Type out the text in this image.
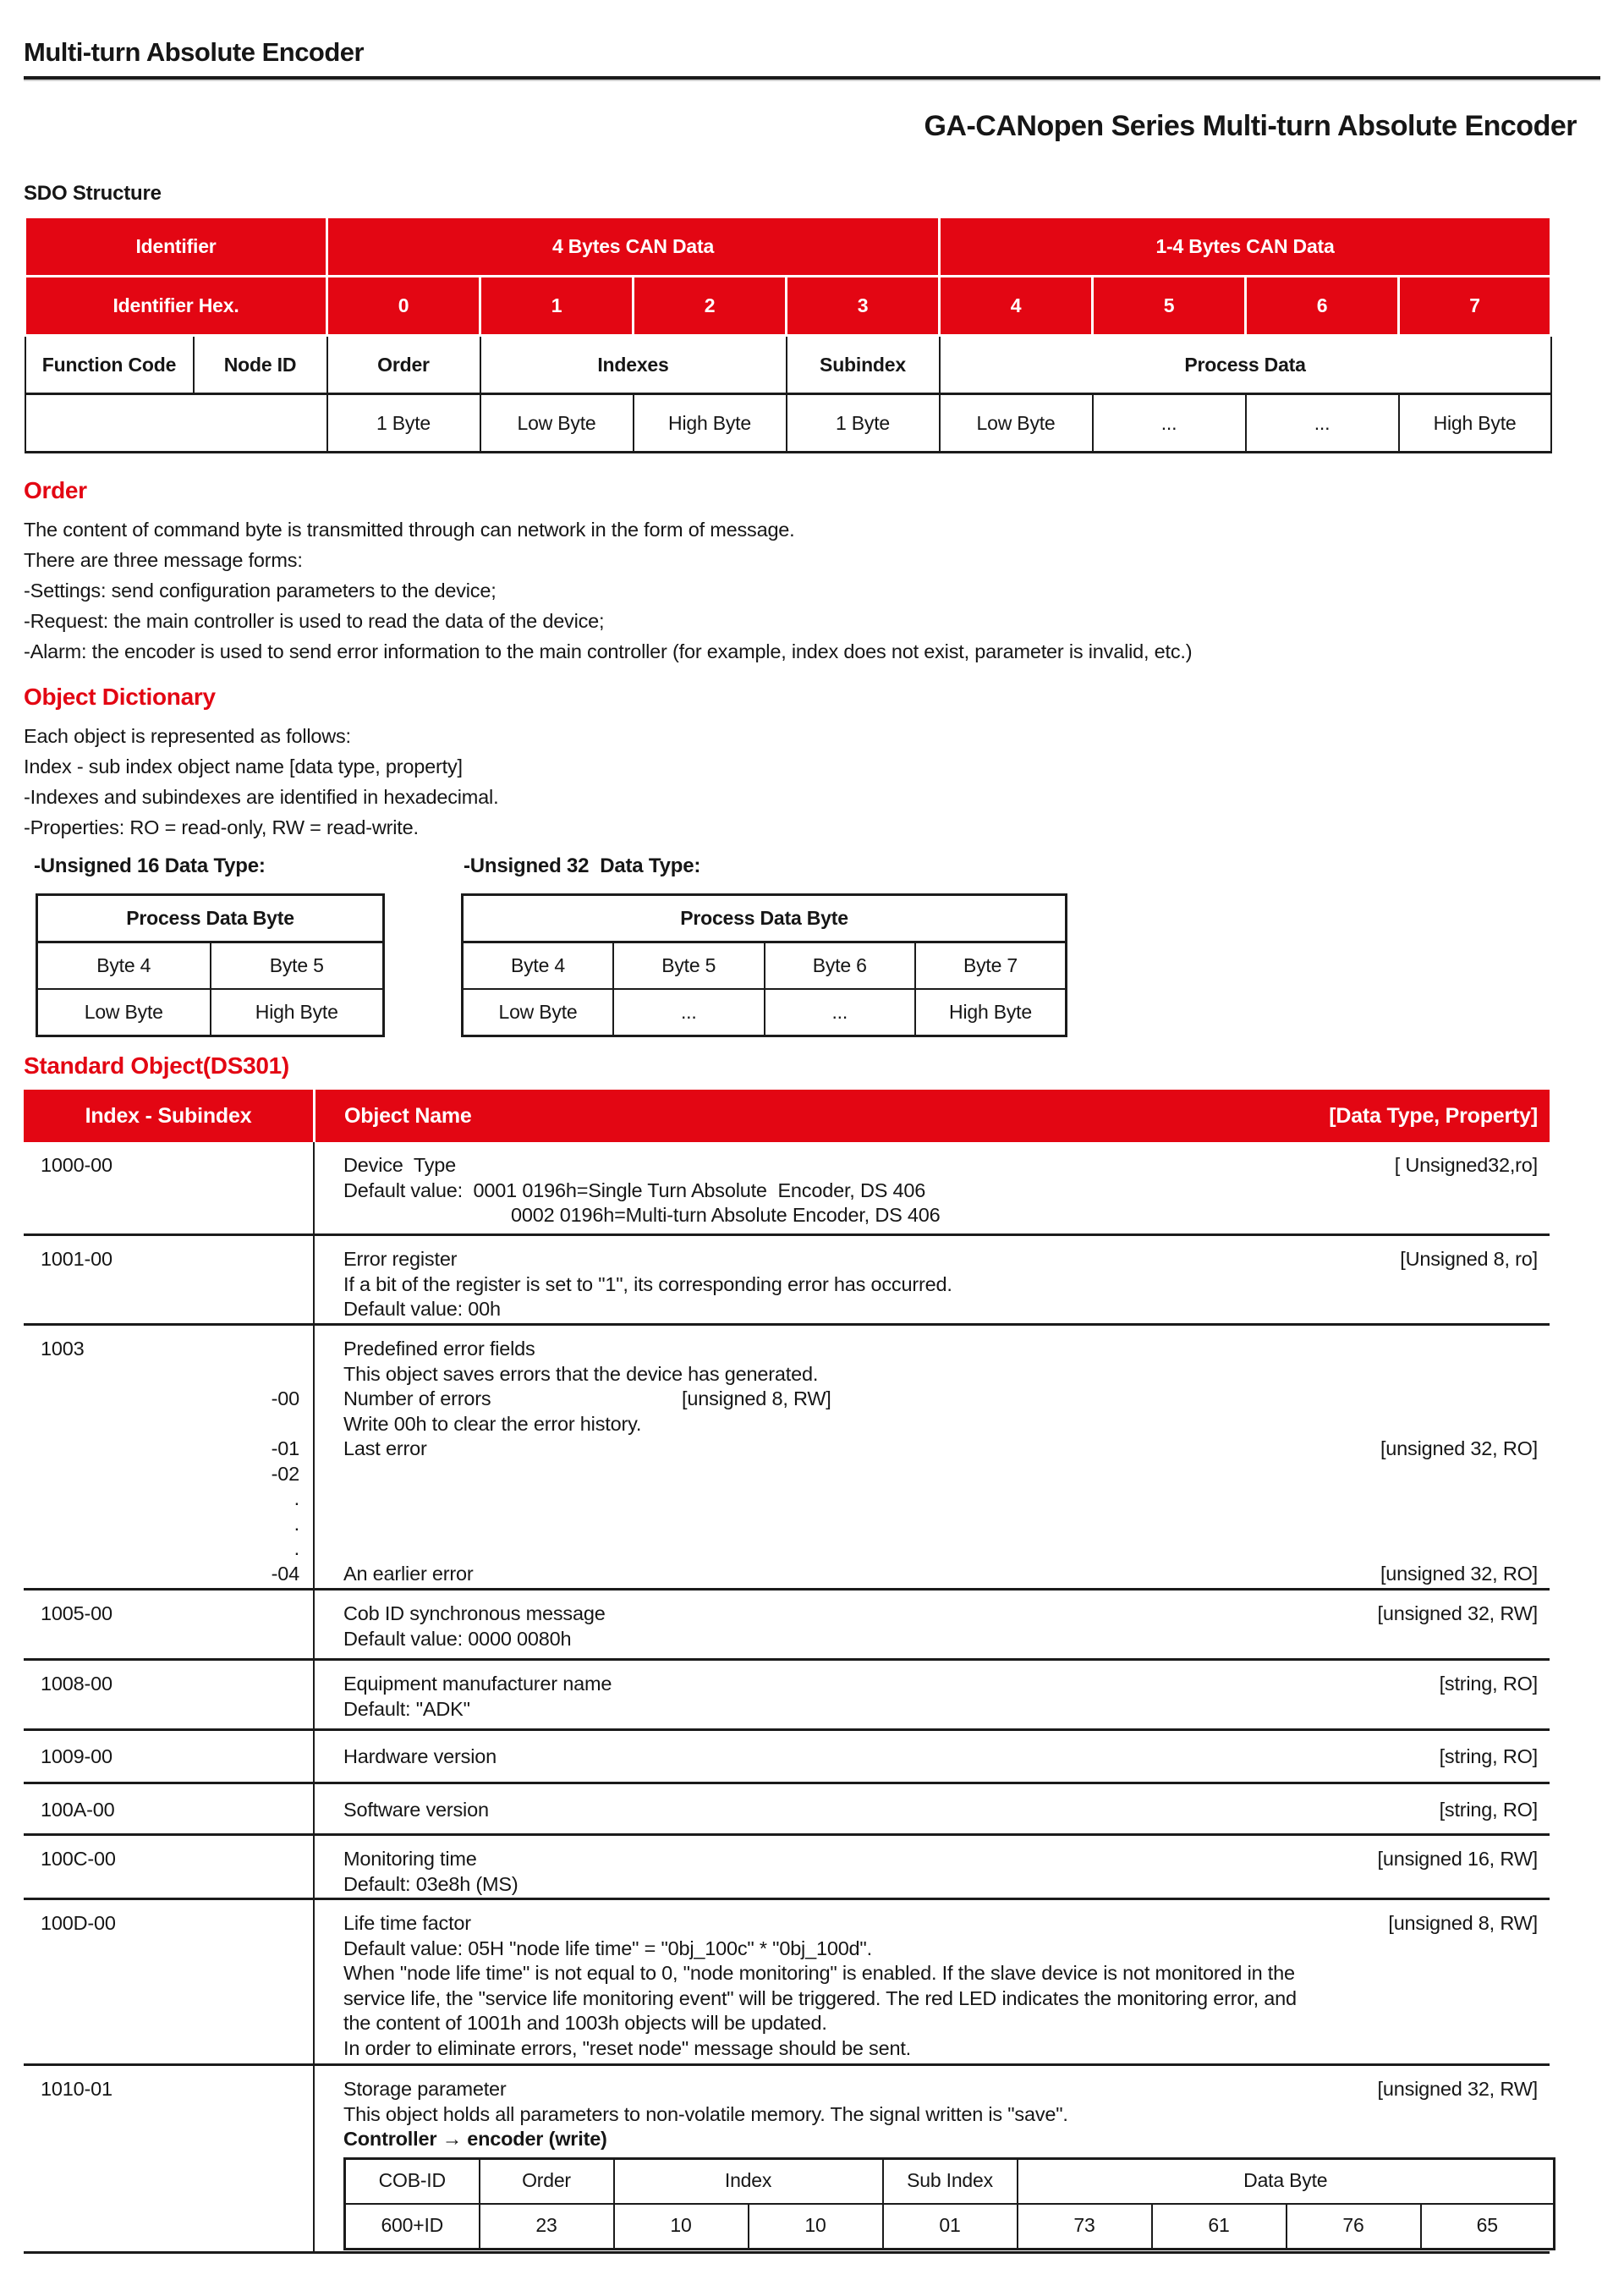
Multi-turn Absolute Encoder
GA-CANopen Series Multi-turn Absolute Encoder
SDO Structure
Identifier		4 Bytes CAN Data				1-4 Bytes CAN Data			
Identifier Hex.		0	1	2	3	4	5	6	7
Function Code	Node ID	Order	Indexes		Subindex	Process Data			
		1 Byte	Low Byte	High Byte	1 Byte	Low Byte	...	...	High Byte
Order
The content of command byte is transmitted through can network in the form of message.
There are three message forms:
-Settings: send configuration parameters to the device;
-Request: the main controller is used to read the data of the device;
-Alarm: the encoder is used to send error information to the main controller (for example, index does not exist, parameter is invalid, etc.)
Object Dictionary
Each object is represented as follows:
Index - sub index object name [data type, property]
-Indexes and subindexes are identified in hexadecimal.
-Properties: RO = read-only, RW = read-write.
-Unsigned 16 Data Type:	-Unsigned 32  Data Type:
Process Data Byte	
Byte 4	Byte 5
Low Byte	High Byte
Process Data Byte			
Byte 4	Byte 5	Byte 6	Byte 7
Low Byte	...	...	High Byte
Standard Object(DS301)
Index - Subindex	Object Name	[Data Type, Property]
1000-00	Device  Type	[ Unsigned32,ro]
Default value:  0001 0196h=Single Turn Absolute  Encoder, DS 406
0002 0196h=Multi-turn Absolute Encoder, DS 406
1001-00	Error register	[Unsigned 8, ro]
If a bit of the register is set to "1", its corresponding error has occurred.
Default value: 00h
1003	Predefined error fields
This object saves errors that the device has generated.
-00	Number of errors	[unsigned 8, RW]
Write 00h to clear the error history.
-01	Last error	[unsigned 32, RO]
-02
.
.
.
-04	An earlier error	[unsigned 32, RO]
1005-00	Cob ID synchronous message	[unsigned 32, RW]
Default value: 0000 0080h
1008-00	Equipment manufacturer name	[string, RO]
Default: "ADK"
1009-00	Hardware version	[string, RO]
100A-00	Software version	[string, RO]
100C-00	Monitoring time	[unsigned 16, RW]
Default: 03e8h (MS)
100D-00	Life time factor	[unsigned 8, RW]
Default value: 05H "node life time" = "0bj_100c" * "0bj_100d".
When "node life time" is not equal to 0, "node monitoring" is enabled. If the slave device is not monitored in the
service life, the "service life monitoring event" will be triggered. The red LED indicates the monitoring error, and
the content of 1001h and 1003h objects will be updated.
In order to eliminate errors, "reset node" message should be sent.
1010-01	Storage parameter	[unsigned 32, RW]
This object holds all parameters to non-volatile memory. The signal written is "save".
Controller → encoder (write)
COB-ID	Order	Index		Sub Index	Data Byte			
600+ID	23	10	10	01	73	61	76	65
